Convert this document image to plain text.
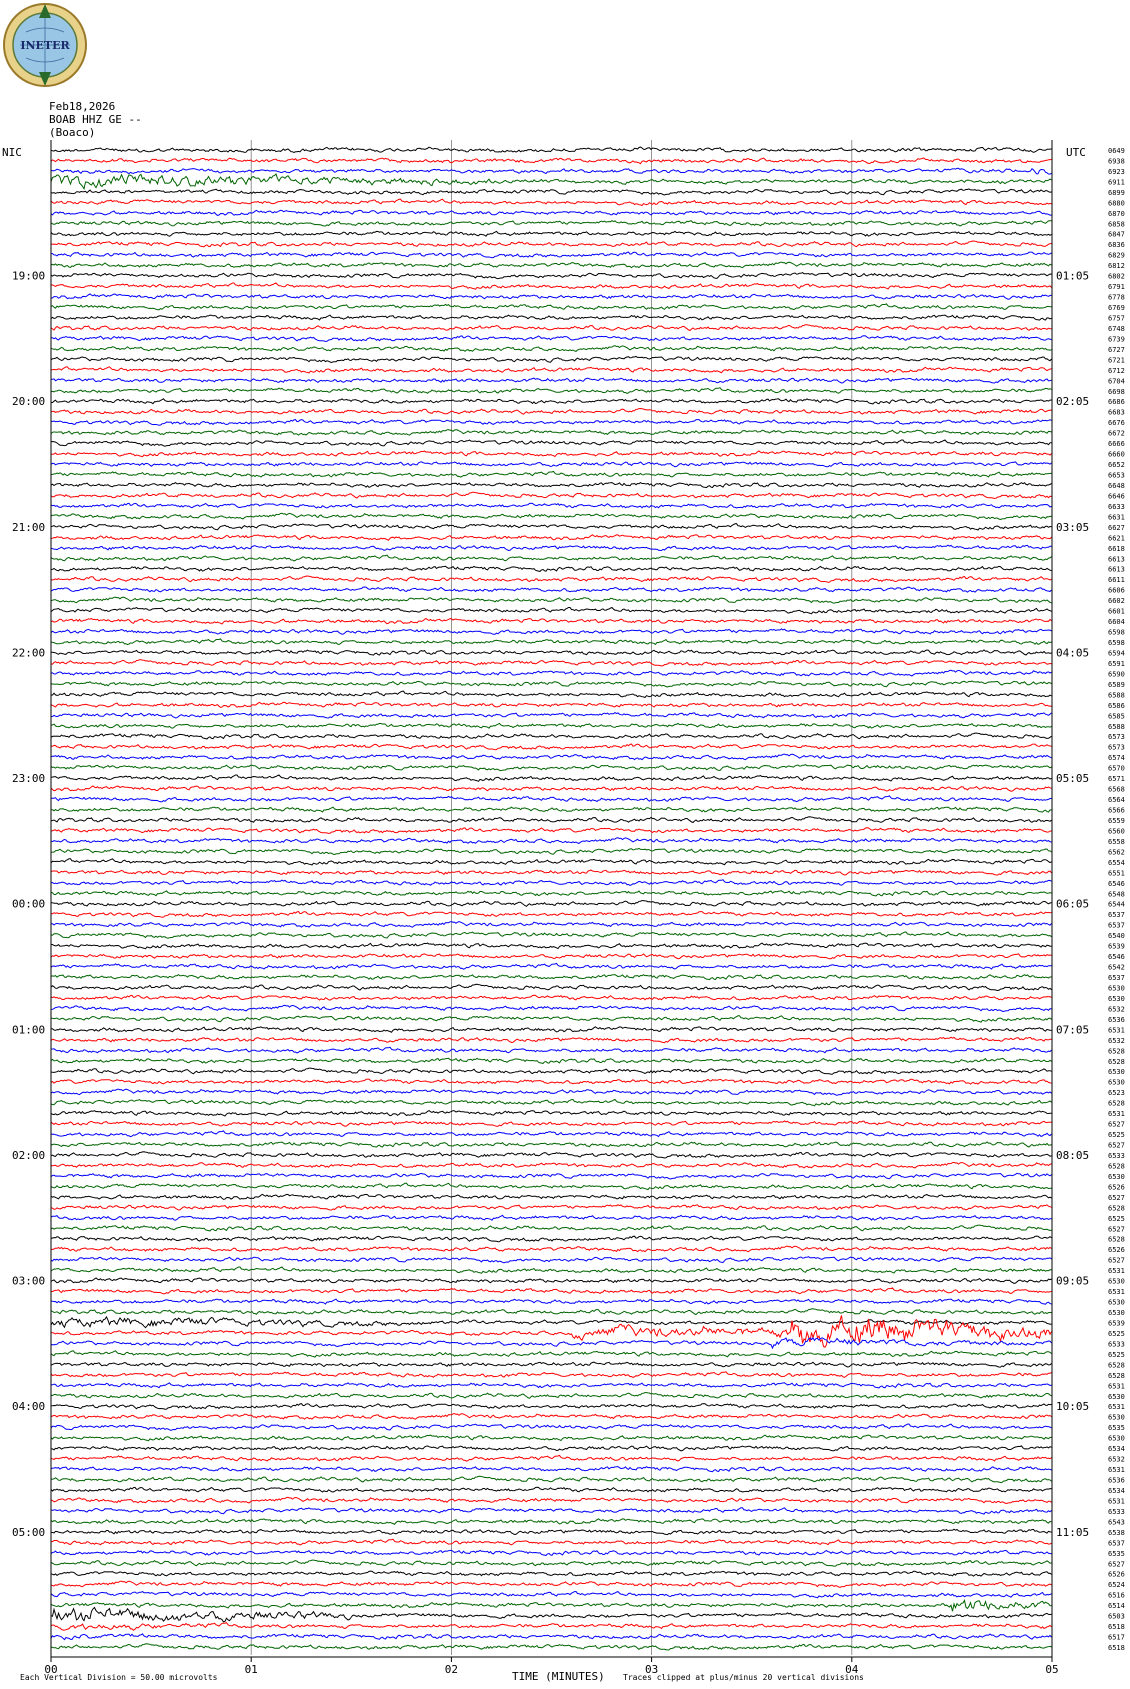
INETER
Feb18,2026
BOAB HHZ GE --
(Boaco)
NIC	UTC
19:00
20:00
21:00
22:00
23:00
00:00
01:00
02:00
03:00
04:00
05:00
01:05
02:05
03:05
04:05
05:05
06:05
07:05
08:05
09:05
10:05
11:05
0649
6938
6923
6911
6899
6880
6870
6858
6847
6836
6829
6812
6802
6791
6778
6769
6757
6748
6739
6727
6721
6712
6704
6698
6686
6683
6676
6672
6666
6660
6652
6653
6648
6646
6633
6631
6627
6621
6618
6613
6613
6611
6606
6602
6601
6604
6598
6598
6594
6591
6590
6589
6588
6586
6585
6588
6573
6573
6574
6570
6571
6568
6564
6566
6559
6560
6558
6562
6554
6551
6546
6548
6544
6537
6537
6540
6539
6546
6542
6537
6530
6530
6532
6536
6531
6532
6528
6528
6530
6530
6523
6528
6531
6527
6525
6527
6533
6528
6530
6526
6527
6528
6525
6527
6528
6526
6527
6531
6530
6531
6530
6530
6539
6525
6533
6525
6528
6528
6531
6530
6531
6530
6535
6530
6534
6532
6531
6536
6534
6531
6533
6543
6538
6537
6535
6527
6526
6524
6516
6514
6503
6518
6517
6518
00	01	02	03	04	05
TIME (MINUTES)
Each Vertical Division = 50.00 microvolts	Traces clipped at plus/minus 20 vertical divisions
